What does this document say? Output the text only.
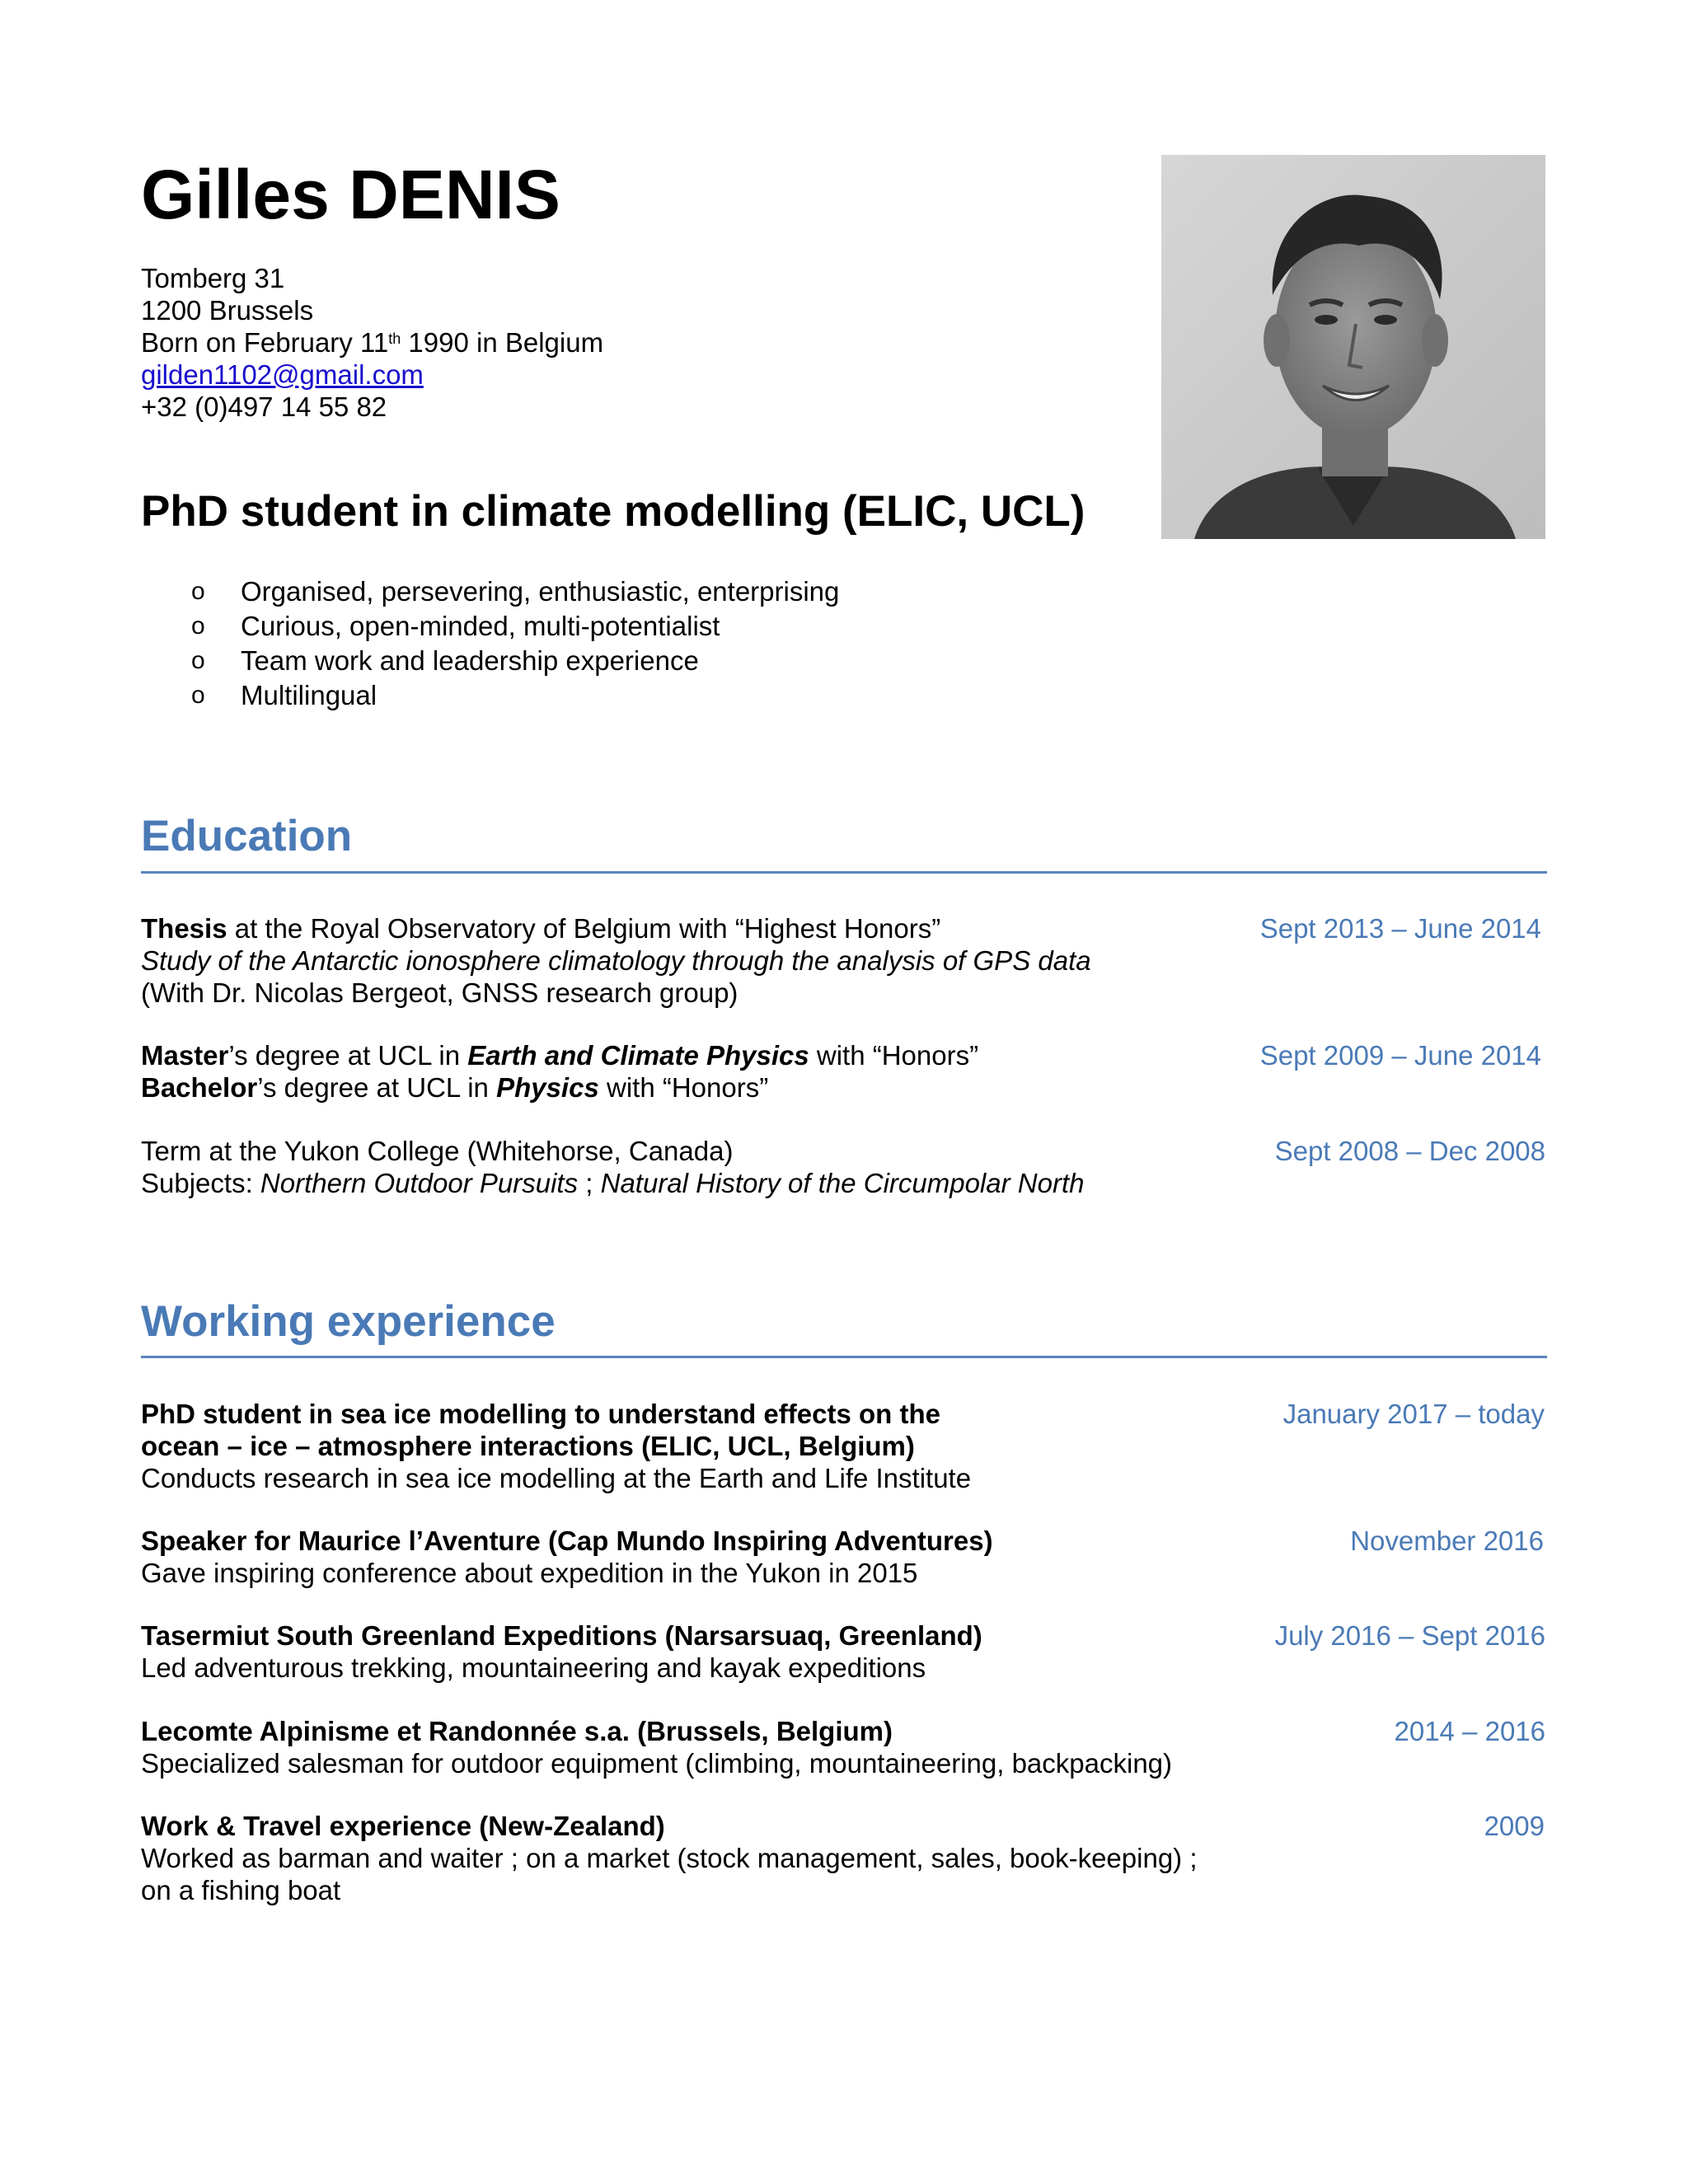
Gilles DENIS
Tomberg 31
1200 Brussels
Born on February 11th 1990 in Belgium
gilden1102@gmail.com
+32 (0)497 14 55 82
PhD student in climate modelling (ELIC, UCL)
o	Organised, persevering, enthusiastic, enterprising
o	Curious, open-minded, multi-potentialist
o	Team work and leadership experience
o	Multilingual
Education
Thesis at the Royal Observatory of Belgium with “Highest Honors”
Study of the Antarctic ionosphere climatology through the analysis of GPS data
(With Dr. Nicolas Bergeot, GNSS research group)
Sept 2013 – June 2014
Master’s degree at UCL in Earth and Climate Physics with “Honors”
Bachelor’s degree at UCL in Physics with “Honors”
Sept 2009 – June 2014
Term at the Yukon College (Whitehorse, Canada)
Subjects: Northern Outdoor Pursuits ; Natural History of the Circumpolar North
Sept 2008 – Dec 2008
Working experience
PhD student in sea ice modelling to understand effects on the
ocean – ice – atmosphere interactions (ELIC, UCL, Belgium)
Conducts research in sea ice modelling at the Earth and Life Institute
January 2017 – today
Speaker for Maurice l’Aventure (Cap Mundo Inspiring Adventures)
Gave inspiring conference about expedition in the Yukon in 2015
November 2016
Tasermiut South Greenland Expeditions (Narsarsuaq, Greenland)
Led adventurous trekking, mountaineering and kayak expeditions
July 2016 – Sept 2016
Lecomte Alpinisme et Randonnée s.a. (Brussels, Belgium)
Specialized salesman for outdoor equipment (climbing, mountaineering, backpacking)
2014 – 2016
Work & Travel experience (New-Zealand)
Worked as barman and waiter ; on a market (stock management, sales, book-keeping) ;
on a fishing boat
2009
